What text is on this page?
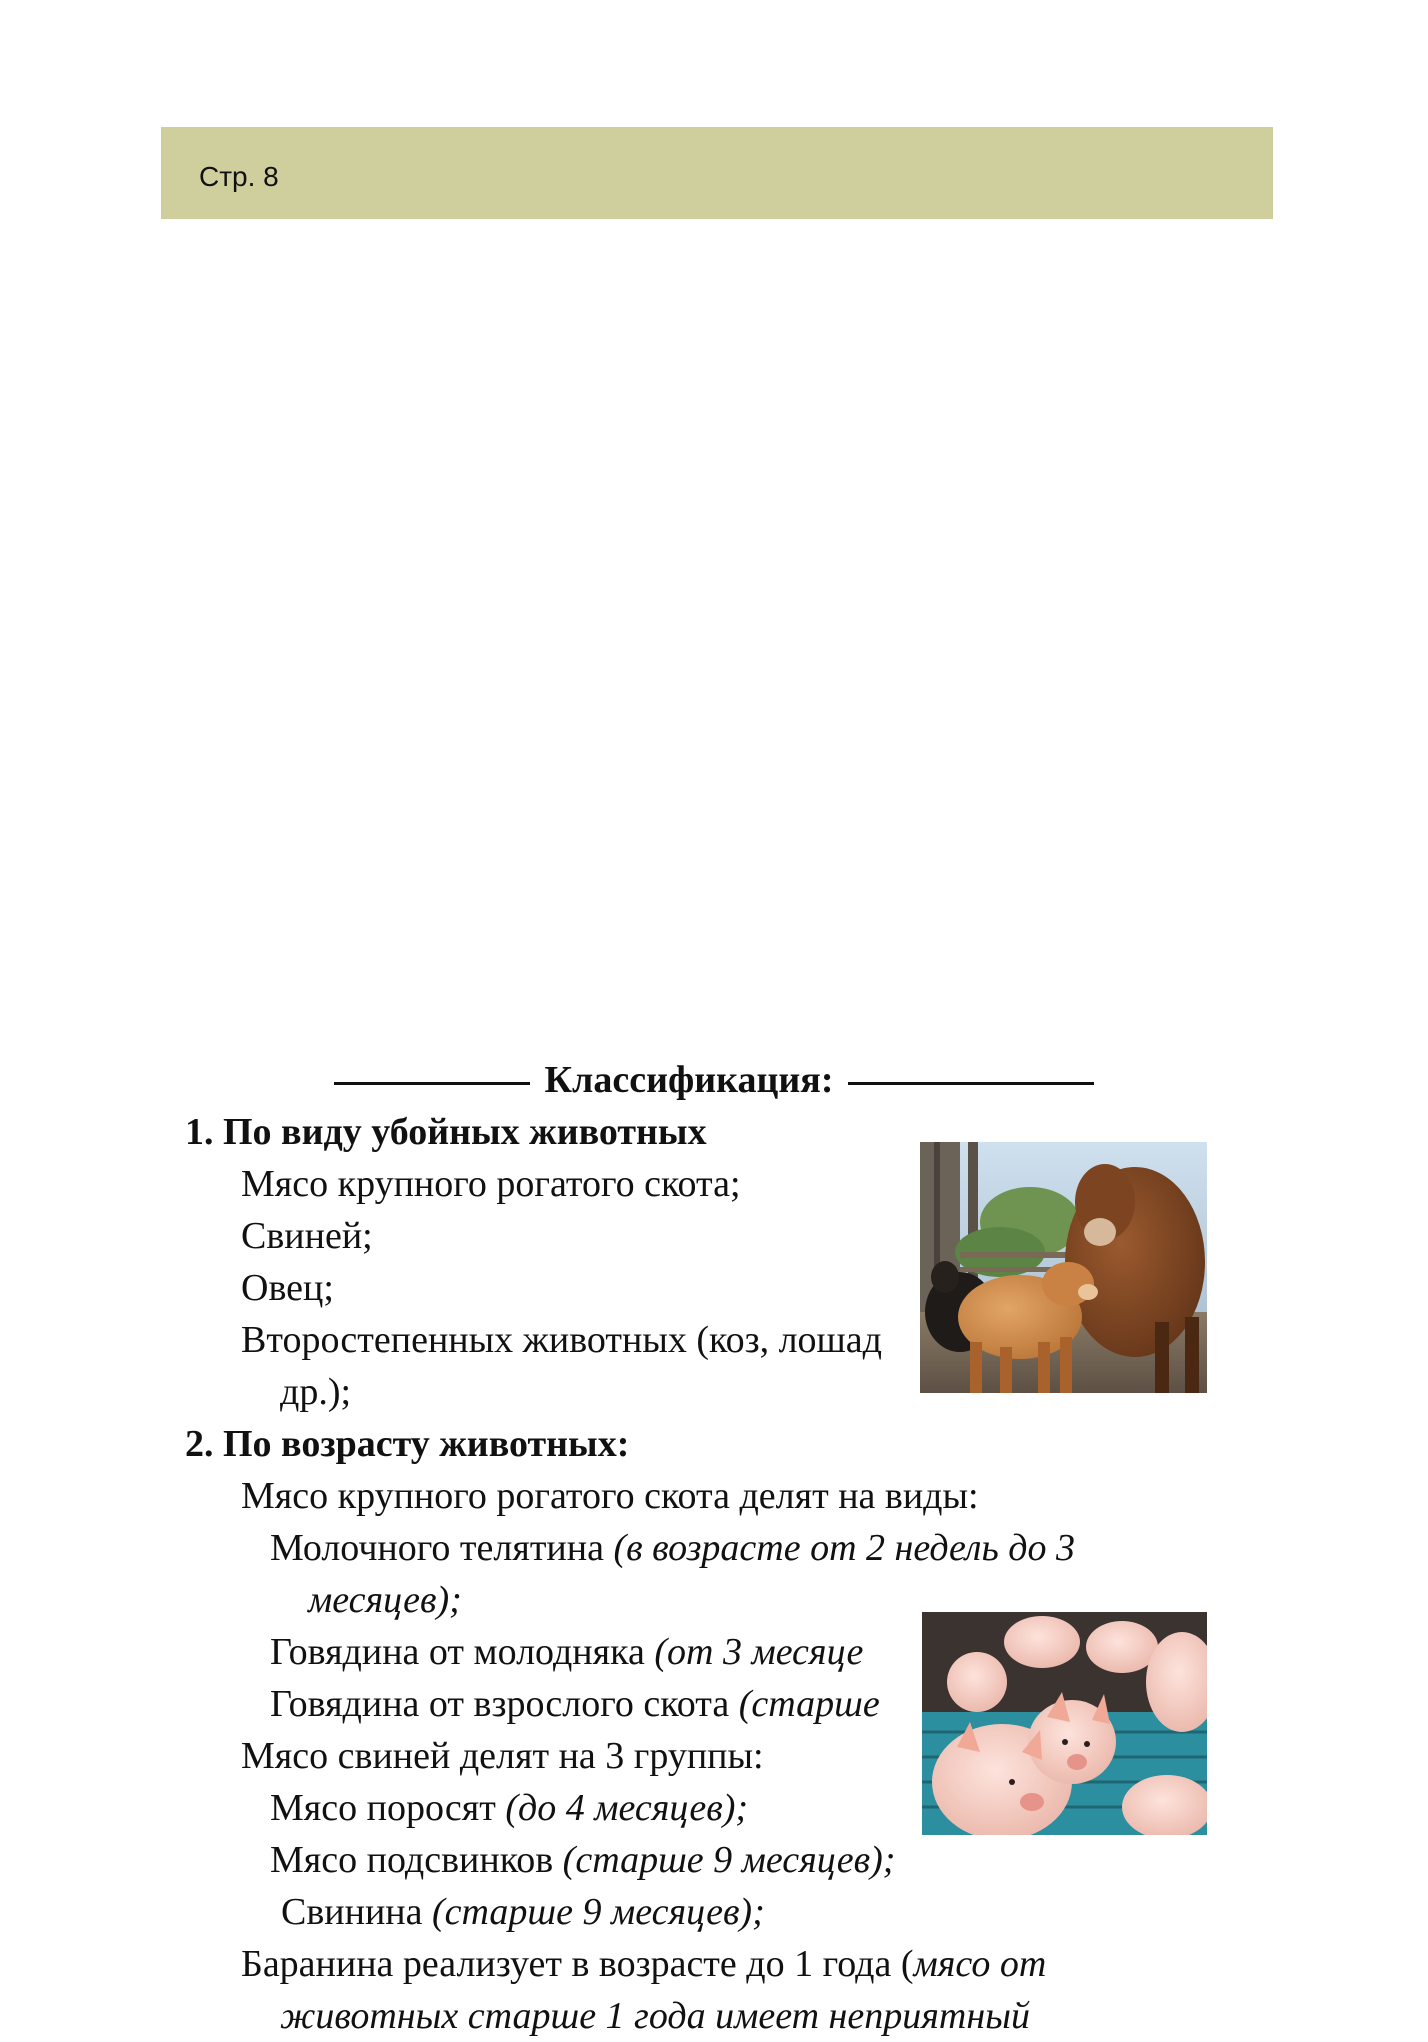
Стр. 8
Классификация:
1. По виду убойных животных
Мясо крупного рогатого скота;
Свиней;
Овец;
Второстепенных животных (коз, лошад
др.);
2. По возрасту животных:
Мясо крупного рогатого скота делят на виды:
Молочного телятина (в возрасте от 2 недель до 3
месяцев);
Говядина от молодняка (от 3 месяце
Говядина от взрослого скота (старше
Мясо свиней делят на 3 группы:
Мясо поросят (до 4 месяцев);
Мясо подсвинков (старше 9 месяцев);
Свинина (старше 9 месяцев);
Баранина реализует в возрасте до 1 года (мясо от
животных старше 1 года имеет неприятный
